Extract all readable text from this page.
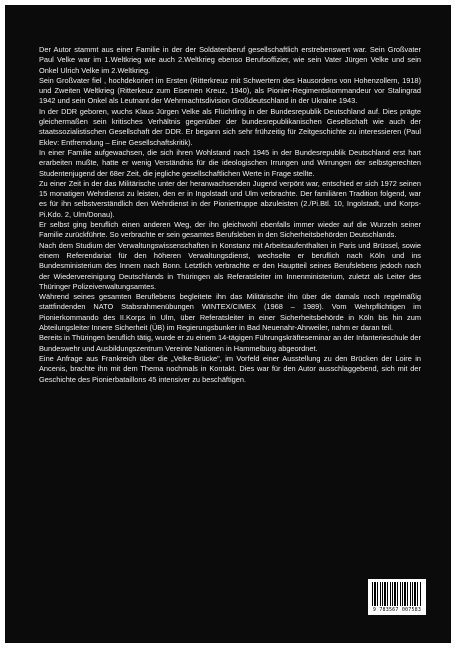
Der Autor stammt aus einer Familie in der der Soldatenberuf gesellschaftlich erstrebenswert war. Sein Großvater Paul Velke war im 1.Weltkrieg wie auch 2.Weltkrieg ebenso Berufsoffizier, wie sein Vater Jürgen Velke und sein Onkel Ulrich Velke im 2.Weltkrieg.

Sein Großvater fiel , hochdekoriert im Ersten (Ritterkreuz mit Schwertern des Hausordens von Hohenzollern, 1918) und Zweiten Weltkrieg (Ritterkeuz zum Eisernen Kreuz, 1940), als Pionier-Regimentskommandeur vor Stalingrad 1942 und sein Onkel als Leutnant der Wehrmachtsdivision Großdeutschland in der Ukraine 1943.

In der DDR geboren, wuchs Klaus Jürgen Velke als Flüchtling in der Bundesrepublik Deutschland auf. Dies prägte gleichermaßen sein kritisches Verhältnis gegenüber der bundesrepublikanischen Gesellschaft wie auch der staatssozialistischen Gesellschaft der DDR. Er begann sich sehr frühzeitig für Zeitgeschichte zu interessieren (Paul Eklev: Entfremdung – Eine Gesellschaftskritik).

In einer Familie aufgewachsen, die sich ihren Wohlstand nach 1945 in der Bundesrepublik Deutschland erst hart erarbeiten mußte, hatte er wenig Verständnis für die ideologischen Irrungen und Wirrungen der selbstgerechten Studentenjugend der 68er Zeit, die jegliche gesellschaftlichen Werte in Frage stellte.

Zu einer Zeit in der das Militärische unter der heranwachsenden Jugend verpönt war, entschied er sich 1972 seinen 15 monatigen Wehrdienst zu leisten, den er in Ingolstadt und Ulm verbrachte. Der familiären Tradition folgend, war es für ihn selbstverständlich den Wehrdienst in der Pioniertruppe abzuleisten (2./Pi.Btl. 10, Ingolstadt, und Korps-Pi.Kdo. 2, Ulm/Donau).

Er selbst ging beruflich einen anderen Weg, der ihn gleichwohl ebenfalls immer wieder auf die Wurzeln seiner Familie zurückführte. So verbrachte er sein gesamtes Berufsleben in den Sicherheitsbehörden Deutschlands.

Nach dem Studium der Verwaltungswissenschaften in Konstanz mit Arbeitsaufenthalten in Paris und Brüssel, sowie einem Referendariat für den höheren Verwaltungsdienst, wechselte er beruflich nach Köln und ins Bundesministerium des Innern nach Bonn. Letztlich verbrachte er den Hauptteil seines Berufslebens jedoch nach der Wiedervereinigung Deutschlands in Thüringen als Referatsleiter im Innenministerium, zuletzt als Leiter des Thüringer Polizeiverwaltungsamtes.

Während seines gesamten Beruflebens begleitete ihn das Militärische ihn über die damals noch regelmäßig stattfindenden NATO Stabsrahmenübungen WINTEX/CIMEX (1968 – 1989). Vom Wehrpflichtigen im Pionierkommando des II.Korps in Ulm, über Referatsleiter in einer Sicherheitsbehörde in Köln bis hin zum Abteilungsleiter Innere Sicherheit (ÜB) im Regierungsbunker in Bad Neuenahr-Ahrweiler, nahm er daran teil.

Bereits in Thüringen beruflich tätig, wurde er zu einem 14-tägigen Führungskräfteseminar an der Infanterieschule der Bundeswehr und Ausbildungszentrum Vereinte Nationen in Hammelburg abgeordnet.

Eine Anfrage aus Frankreich über die „Velke-Brücke", im Vorfeld einer Ausstellung zu den Brücken der Loire in Ancenis, brachte ihn mit dem Thema nochmals in Kontakt. Dies war für den Autor ausschlaggebend, sich mit der Geschichte des Pionierbataillons 45 intensiver zu beschäftigen.

9 783567 007583
